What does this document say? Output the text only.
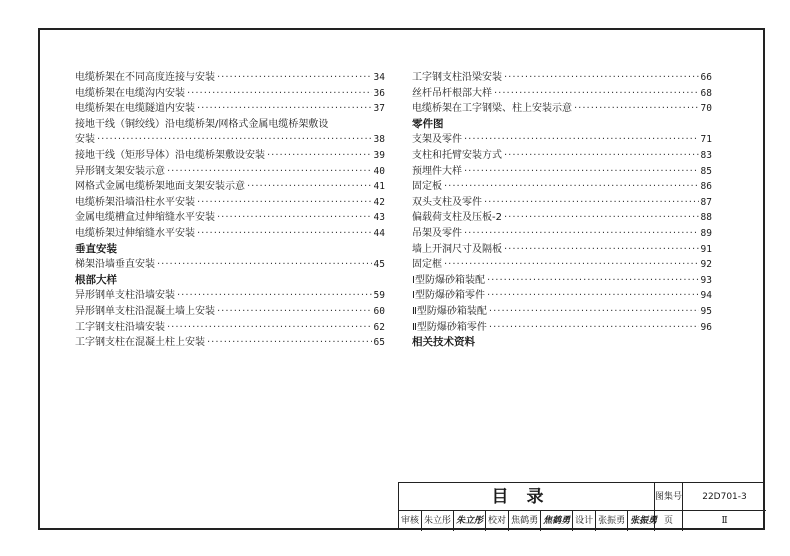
电缆桥架在不同高度连接与安装 ·····	34
电缆桥架在电缆沟内安装 ·····	36
电缆桥架在电缆隧道内安装 ·····	37
接地干线（铜绞线）沿电缆桥架/网格式金属电缆桥架敷设
安装 ·····	38
接地干线（矩形导体）沿电缆桥架敷设安装 ·····	39
异形钢支架安装示意 ·····	40
网格式金属电缆桥架地面支架安装示意 ·····	41
电缆桥架沿墙沿柱水平安装 ·····	42
金属电缆槽盒过伸缩缝水平安装 ·····	43
电缆桥架过伸缩缝水平安装 ·····	44
垂直安装
梯架沿墙垂直安装 ·····	45
根部大样
异形钢单支柱沿墙安装 ·····	59
异形钢单支柱沿混凝土墙上安装 ·····	60
工字钢支柱沿墙安装 ·····	62
工字钢支柱在混凝土柱上安装 ·····	65
工字钢支柱沿梁安装 ·····	66
丝杆吊杆根部大样 ·····	68
电缆桥架在工字钢梁、柱上安装示意 ·····	70
零件图
支架及零件 ·····	71
支柱和托臂安装方式 ·····	83
预埋件大样 ·····	85
固定板 ·····	86
双头支柱及零件 ·····	87
偏载荷支柱及压板-2 ·····	88
吊架及零件 ·····	89
墙上开洞尺寸及隔板 ·····	91
固定框 ·····	92
Ⅰ型防爆砂箱装配 ·····	93
Ⅰ型防爆砂箱零件 ·····	94
Ⅱ型防爆砂箱装配 ·····	95
Ⅱ型防爆砂箱零件 ·····	96
相关技术资料
目录	图集号	22D701-3
审核 朱立彤 朱立彤 校对 焦鹤勇 焦鹤勇 设计 张振勇 张振勇 页	Ⅱ
